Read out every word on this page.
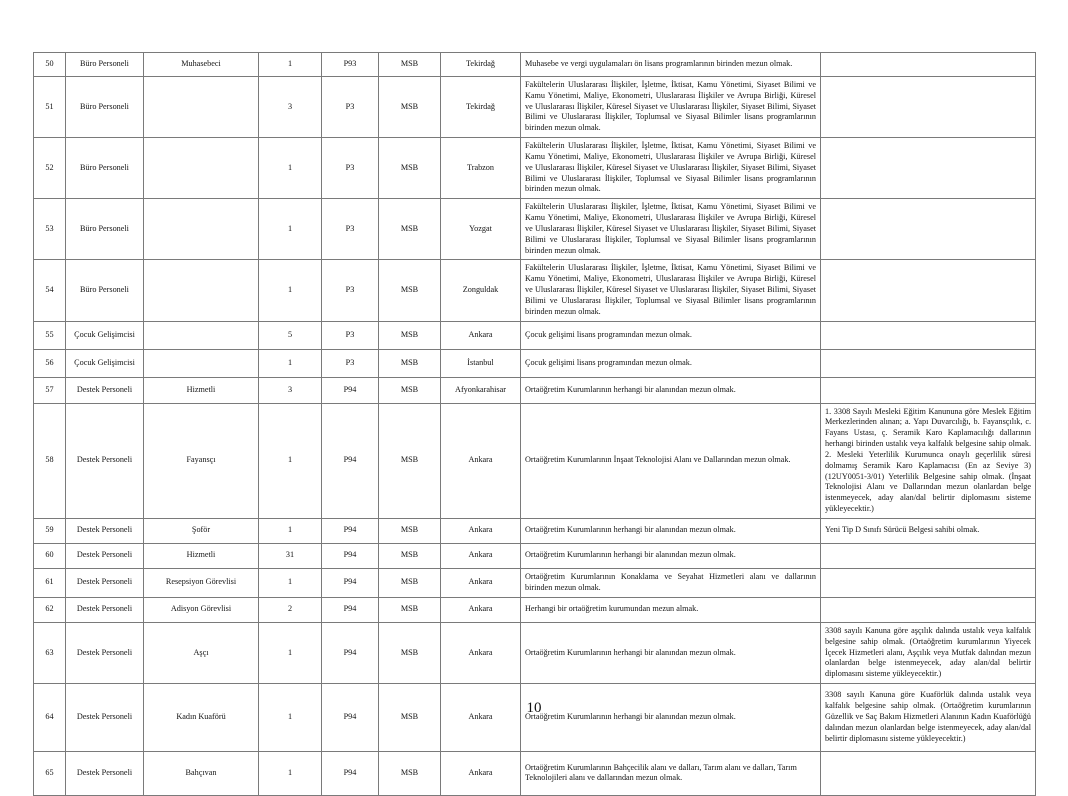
50	Büro Personeli	Muhasebeci	1	P93	MSB	Tekirdağ	Muhasebe ve vergi uygulamaları ön lisans programlarının birinden mezun olmak.	
51	Büro Personeli		3	P3	MSB	Tekirdağ	Fakültelerin Uluslararası İlişkiler, İşletme, İktisat, Kamu Yönetimi, Siyaset Bilimi ve Kamu Yönetimi, Maliye, Ekonometri, Uluslararası İlişkiler ve Avrupa Birliği, Küresel ve Uluslararası İlişkiler, Küresel Siyaset ve Uluslararası İlişkiler, Siyaset Bilimi, Siyaset Bilimi ve Uluslararası İlişkiler, Toplumsal ve Siyasal Bilimler lisans programlarının birinden mezun olmak.	
52	Büro Personeli		1	P3	MSB	Trabzon	Fakültelerin Uluslararası İlişkiler, İşletme, İktisat, Kamu Yönetimi, Siyaset Bilimi ve Kamu Yönetimi, Maliye, Ekonometri, Uluslararası İlişkiler ve Avrupa Birliği, Küresel ve Uluslararası İlişkiler, Küresel Siyaset ve Uluslararası İlişkiler, Siyaset Bilimi, Siyaset Bilimi ve Uluslararası İlişkiler, Toplumsal ve Siyasal Bilimler lisans programlarının birinden mezun olmak.	
53	Büro Personeli		1	P3	MSB	Yozgat	Fakültelerin Uluslararası İlişkiler, İşletme, İktisat, Kamu Yönetimi, Siyaset Bilimi ve Kamu Yönetimi, Maliye, Ekonometri, Uluslararası İlişkiler ve Avrupa Birliği, Küresel ve Uluslararası İlişkiler, Küresel Siyaset ve Uluslararası İlişkiler, Siyaset Bilimi, Siyaset Bilimi ve Uluslararası İlişkiler, Toplumsal ve Siyasal Bilimler lisans programlarının birinden mezun olmak.	
54	Büro Personeli		1	P3	MSB	Zonguldak	Fakültelerin Uluslararası İlişkiler, İşletme, İktisat, Kamu Yönetimi, Siyaset Bilimi ve Kamu Yönetimi, Maliye, Ekonometri, Uluslararası İlişkiler ve Avrupa Birliği, Küresel ve Uluslararası İlişkiler, Küresel Siyaset ve Uluslararası İlişkiler, Siyaset Bilimi, Siyaset Bilimi ve Uluslararası İlişkiler, Toplumsal ve Siyasal Bilimler lisans programlarının birinden mezun olmak.	
55	Çocuk Gelişimcisi		5	P3	MSB	Ankara	Çocuk gelişimi lisans programından mezun olmak.	
56	Çocuk Gelişimcisi		1	P3	MSB	İstanbul	Çocuk gelişimi lisans programından mezun olmak.	
57	Destek Personeli	Hizmetli	3	P94	MSB	Afyonkarahisar	Ortaöğretim Kurumlarının herhangi bir alanından mezun olmak.	
58	Destek Personeli	Fayansçı	1	P94	MSB	Ankara	Ortaöğretim Kurumlarının İnşaat Teknolojisi Alanı ve Dallarından mezun olmak.	1. 3308 Sayılı Mesleki Eğitim Kanununa göre Meslek Eğitim Merkezlerinden alınan; a. Yapı Duvarcılığı, b. Fayansçılık, c. Fayans Ustası, ç. Seramik Karo Kaplamacılığı dallarının herhangi birinden ustalık veya kalfalık belgesine sahip olmak. 2. Mesleki Yeterlilik Kurumunca onaylı geçerlilik süresi dolmamış Seramik Karo Kaplamacısı (En az Seviye 3) (12UY0051-3/01) Yeterlilik Belgesine sahip olmak. (İnşaat Teknolojisi Alanı ve Dallarından mezun olanlardan belge istenmeyecek, aday alan/dal belirtir diplomasını sisteme yükleyecektir.)
59	Destek Personeli	Şoför	1	P94	MSB	Ankara	Ortaöğretim Kurumlarının herhangi bir alanından mezun olmak.	Yeni Tip D Sınıfı Sürücü Belgesi sahibi olmak.
60	Destek Personeli	Hizmetli	31	P94	MSB	Ankara	Ortaöğretim Kurumlarının herhangi bir alanından mezun olmak.	
61	Destek Personeli	Resepsiyon Görevlisi	1	P94	MSB	Ankara	Ortaöğretim Kurumlarının Konaklama ve Seyahat Hizmetleri alanı ve dallarının birinden mezun olmak.	
62	Destek Personeli	Adisyon Görevlisi	2	P94	MSB	Ankara	Herhangi bir ortaöğretim kurumundan mezun almak.	
63	Destek Personeli	Aşçı	1	P94	MSB	Ankara	Ortaöğretim Kurumlarının herhangi bir alanından mezun olmak.	3308 sayılı Kanuna göre aşçılık dalında ustalık veya kalfalık belgesine sahip olmak. (Ortaöğretim kurumlarının Yiyecek İçecek Hizmetleri alanı, Aşçılık veya Mutfak dalından mezun olanlardan belge istenmeyecek, aday alan/dal belirtir diplomasını sisteme yükleyecektir.)
64	Destek Personeli	Kadın Kuaförü	1	P94	MSB	Ankara	Ortaöğretim Kurumlarının herhangi bir alanından mezun olmak.	3308 sayılı Kanuna göre Kuaförlük dalında ustalık veya kalfalık belgesine sahip olmak. (Ortaöğretim kurumlarının Güzellik ve Saç Bakım Hizmetleri Alanının Kadın Kuaförlüğü dalından mezun olanlardan belge istenmeyecek, aday alan/dal belirtir diplomasını sisteme yükleyecektir.)
65	Destek Personeli	Bahçıvan	1	P94	MSB	Ankara	Ortaöğretim Kurumlarının Bahçecilik alanı ve dalları, Tarım alanı ve dalları, Tarım Teknolojileri alanı ve dallarından mezun olmak.	
10
